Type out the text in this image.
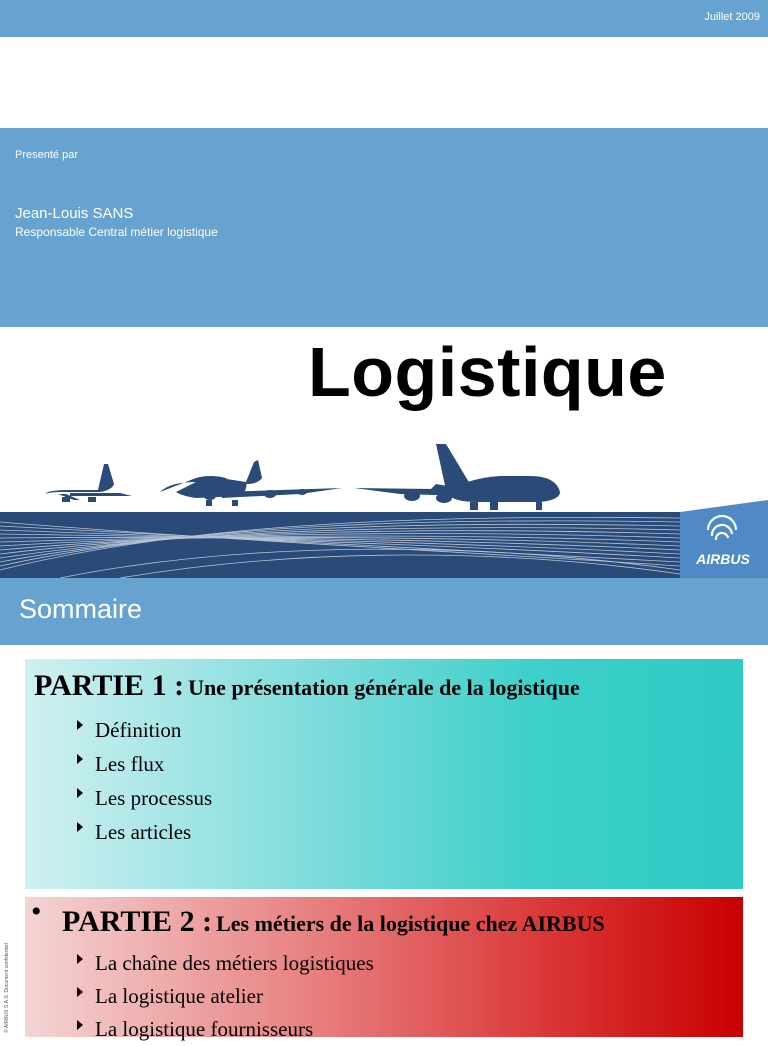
Juillet 2009
Presenté par
Jean-Louis SANS
Responsable Central métier logistique
Logistique
AIRBUS
Sommaire
PARTIE 1 : Une présentation générale de la logistique
Définition
Les flux
Les processus
Les articles
• PARTIE 2 : Les métiers de la logistique chez AIRBUS
La chaîne des métiers logistiques
La logistique atelier
La logistique fournisseurs
© AIRBUS S.A.S. Document confidentiel
